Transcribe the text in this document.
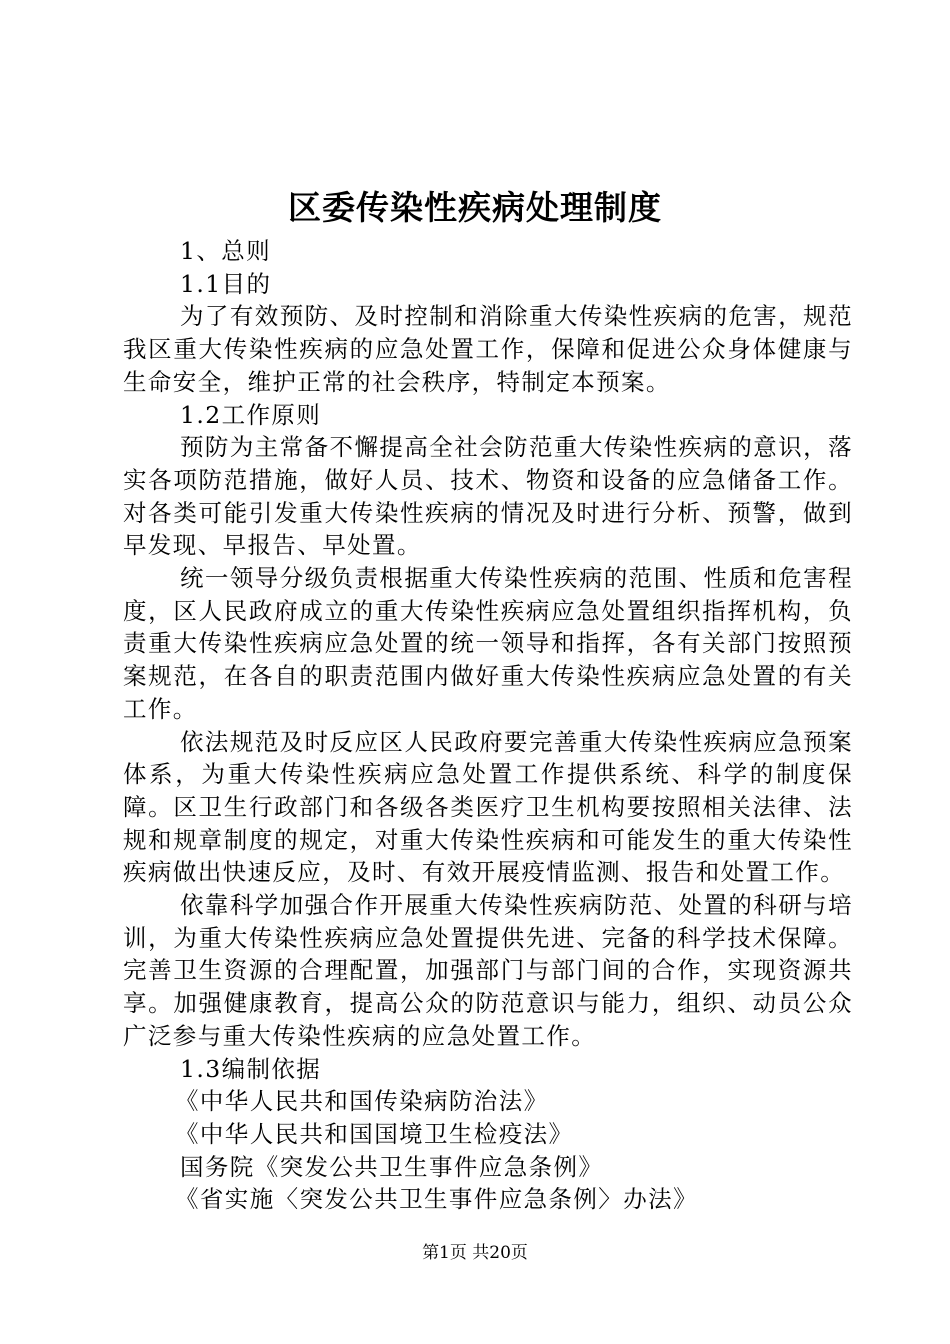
区委传染性疾病处理制度

1、总则

1.1目的

为了有效预防、及时控制和消除重大传染性疾病的危害，规范我区重大传染性疾病的应急处置工作，保障和促进公众身体健康与生命安全，维护正常的社会秩序，特制定本预案。

1.2工作原则

预防为主常备不懈提高全社会防范重大传染性疾病的意识，落实各项防范措施，做好人员、技术、物资和设备的应急储备工作。对各类可能引发重大传染性疾病的情况及时进行分析、预警，做到早发现、早报告、早处置。

统一领导分级负责根据重大传染性疾病的范围、性质和危害程度，区人民政府成立的重大传染性疾病应急处置组织指挥机构，负责重大传染性疾病应急处置的统一领导和指挥，各有关部门按照预案规范，在各自的职责范围内做好重大传染性疾病应急处置的有关工作。

依法规范及时反应区人民政府要完善重大传染性疾病应急预案体系，为重大传染性疾病应急处置工作提供系统、科学的制度保障。区卫生行政部门和各级各类医疗卫生机构要按照相关法律、法规和规章制度的规定，对重大传染性疾病和可能发生的重大传染性疾病做出快速反应，及时、有效开展疫情监测、报告和处置工作。

依靠科学加强合作开展重大传染性疾病防范、处置的科研与培训，为重大传染性疾病应急处置提供先进、完备的科学技术保障。完善卫生资源的合理配置，加强部门与部门间的合作，实现资源共享。加强健康教育，提高公众的防范意识与能力，组织、动员公众广泛参与重大传染性疾病的应急处置工作。

1.3编制依据

《中华人民共和国传染病防治法》

《中华人民共和国国境卫生检疫法》

国务院《突发公共卫生事件应急条例》

《省实施〈突发公共卫生事件应急条例〉办法》

第1页 共20页
